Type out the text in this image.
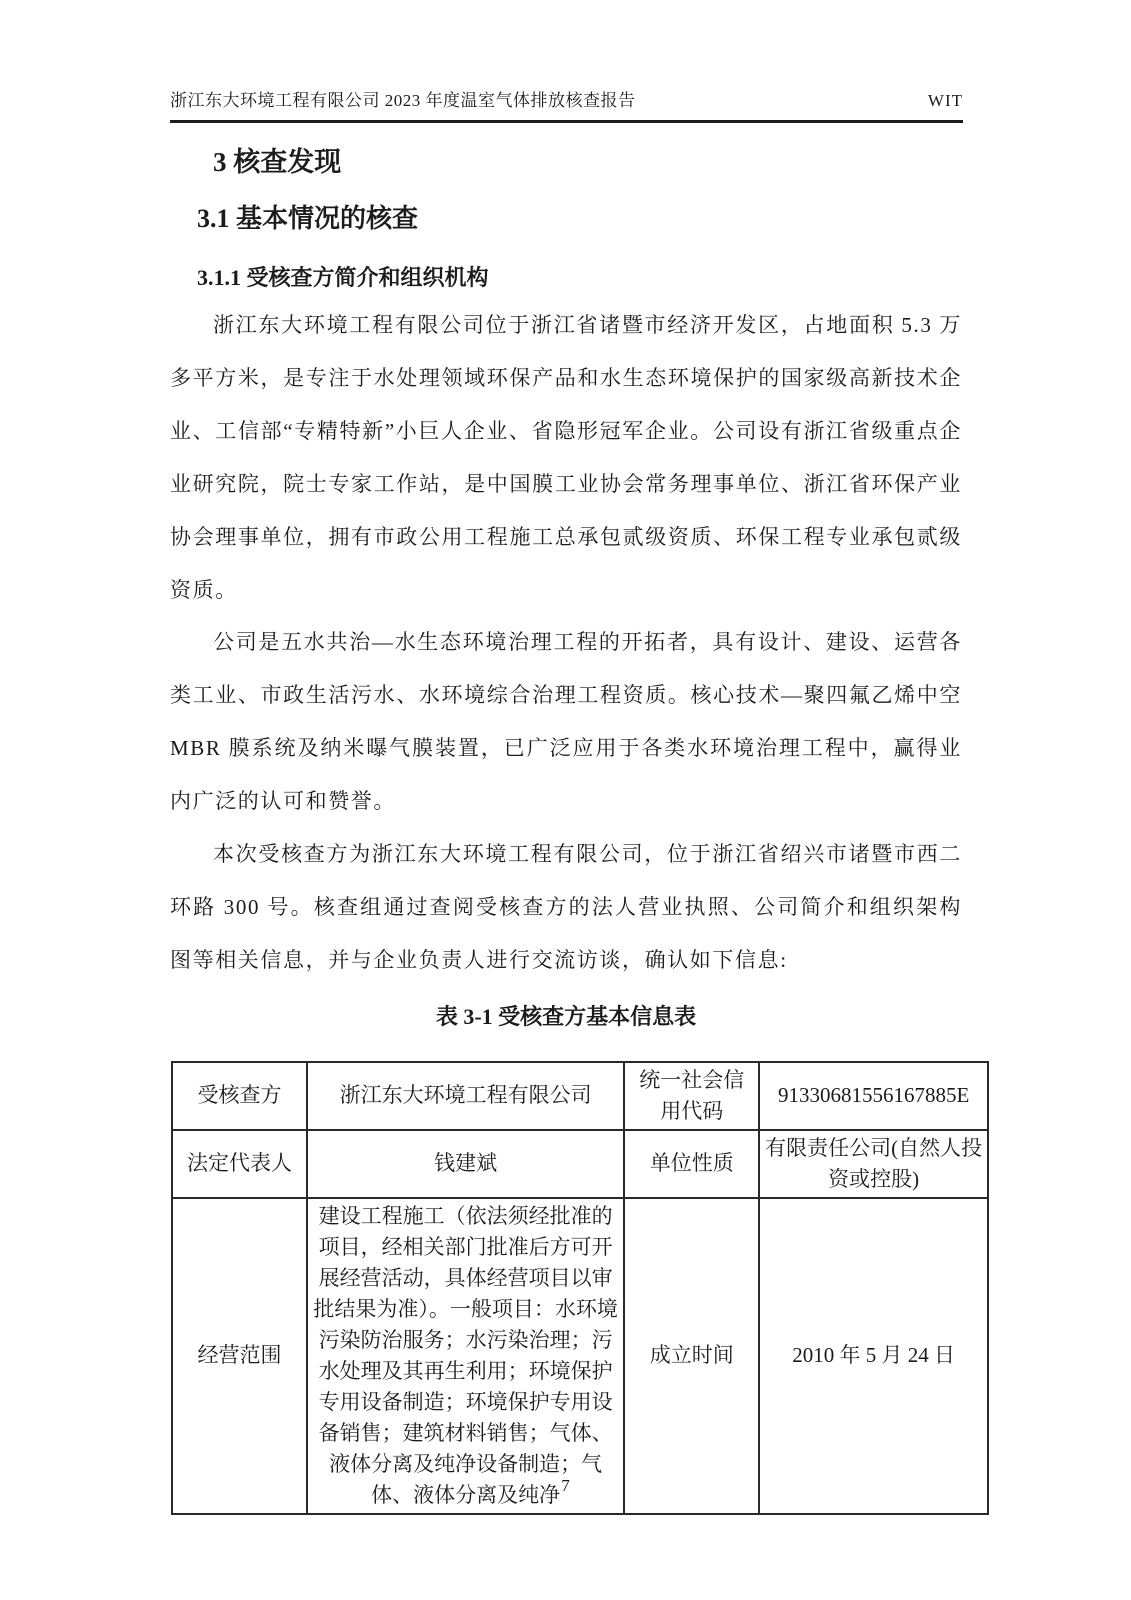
浙江东大环境工程有限公司 2023 年度温室气体排放核查报告	WIT
3 核查发现
3.1 基本情况的核查
3.1.1 受核查方简介和组织机构

浙江东大环境工程有限公司位于浙江省诸暨市经济开发区，占地面积 5.3 万多平方米，是专注于水处理领域环保产品和水生态环境保护的国家级高新技术企业、工信部“专精特新”小巨人企业、省隐形冠军企业。公司设有浙江省级重点企业研究院，院士专家工作站，是中国膜工业协会常务理事单位、浙江省环保产业协会理事单位，拥有市政公用工程施工总承包贰级资质、环保工程专业承包贰级资质。

公司是五水共治—水生态环境治理工程的开拓者，具有设计、建设、运营各类工业、市政生活污水、水环境综合治理工程资质。核心技术—聚四氟乙烯中空 MBR 膜系统及纳米曝气膜装置，已广泛应用于各类水环境治理工程中，赢得业内广泛的认可和赞誉。

本次受核查方为浙江东大环境工程有限公司，位于浙江省绍兴市诸暨市西二环路 300 号。核查组通过查阅受核查方的法人营业执照、公司简介和组织架构图等相关信息，并与企业负责人进行交流访谈，确认如下信息:

表 3-1 受核查方基本信息表
受核查方	浙江东大环境工程有限公司	统一社会信用代码	91330681556167885E
法定代表人	钱建斌	单位性质	有限责任公司(自然人投资或控股)
经营范围	建设工程施工（依法须经批准的项目，经相关部门批准后方可开展经营活动，具体经营项目以审批结果为准）。一般项目：水环境污染防治服务；水污染治理；污水处理及其再生利用；环境保护专用设备制造；环境保护专用设备销售；建筑材料销售；气体、液体分离及纯净设备制造；气体、液体分离及纯净	成立时间	2010 年 5 月 24 日
7
